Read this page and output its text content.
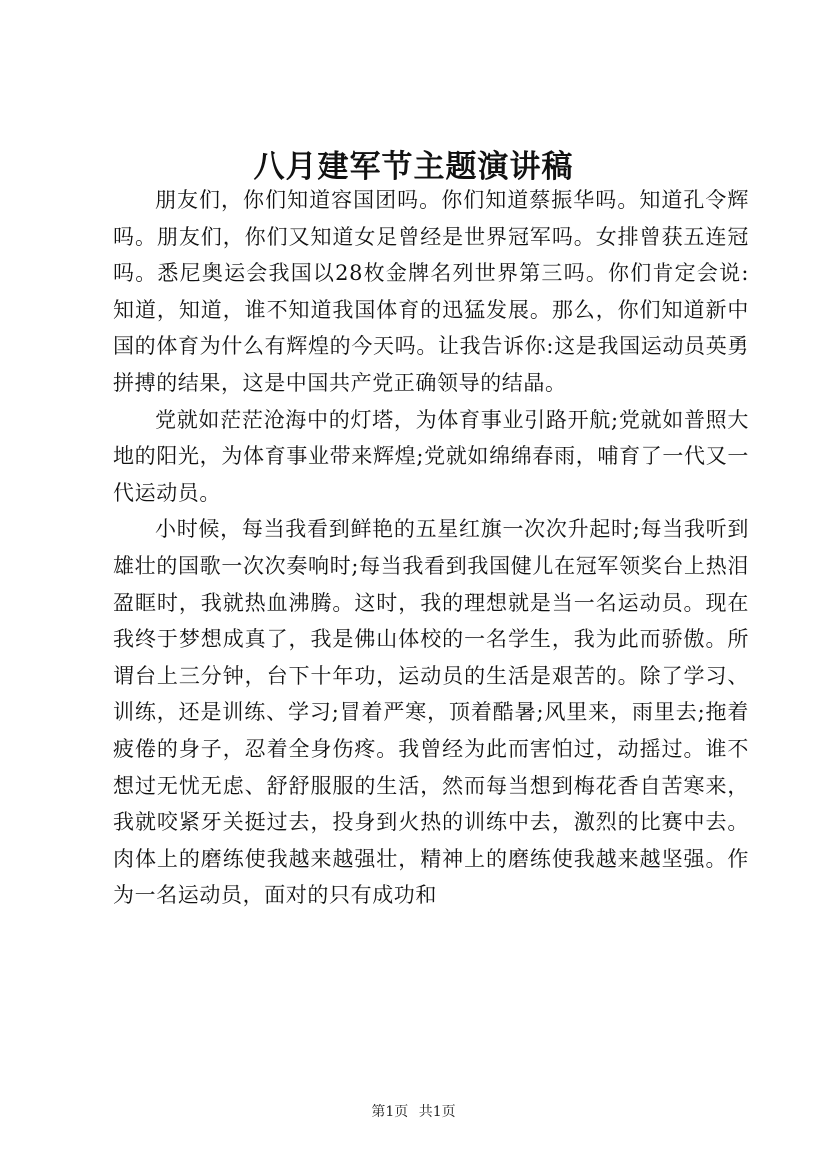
八月建军节主题演讲稿

朋友们，你们知道容国团吗。你们知道蔡振华吗。知道孔令辉吗。朋友们，你们又知道女足曾经是世界冠军吗。女排曾获五连冠吗。悉尼奥运会我国以28枚金牌名列世界第三吗。你们肯定会说:知道，知道，谁不知道我国体育的迅猛发展。那么，你们知道新中国的体育为什么有辉煌的今天吗。让我告诉你:这是我国运动员英勇拼搏的结果，这是中国共产党正确领导的结晶。

党就如茫茫沧海中的灯塔，为体育事业引路开航;党就如普照大地的阳光，为体育事业带来辉煌;党就如绵绵春雨，哺育了一代又一代运动员。

小时候，每当我看到鲜艳的五星红旗一次次升起时;每当我听到雄壮的国歌一次次奏响时;每当我看到我国健儿在冠军领奖台上热泪盈眶时，我就热血沸腾。这时，我的理想就是当一名运动员。现在我终于梦想成真了，我是佛山体校的一名学生，我为此而骄傲。所谓台上三分钟，台下十年功，运动员的生活是艰苦的。除了学习、训练，还是训练、学习;冒着严寒，顶着酷暑;风里来，雨里去;拖着疲倦的身子，忍着全身伤疼。我曾经为此而害怕过，动摇过。谁不想过无忧无虑、舒舒服服的生活，然而每当想到梅花香自苦寒来，我就咬紧牙关挺过去，投身到火热的训练中去，激烈的比赛中去。肉体上的磨练使我越来越强壮，精神上的磨练使我越来越坚强。作为一名运动员，面对的只有成功和

第1页 共1页
